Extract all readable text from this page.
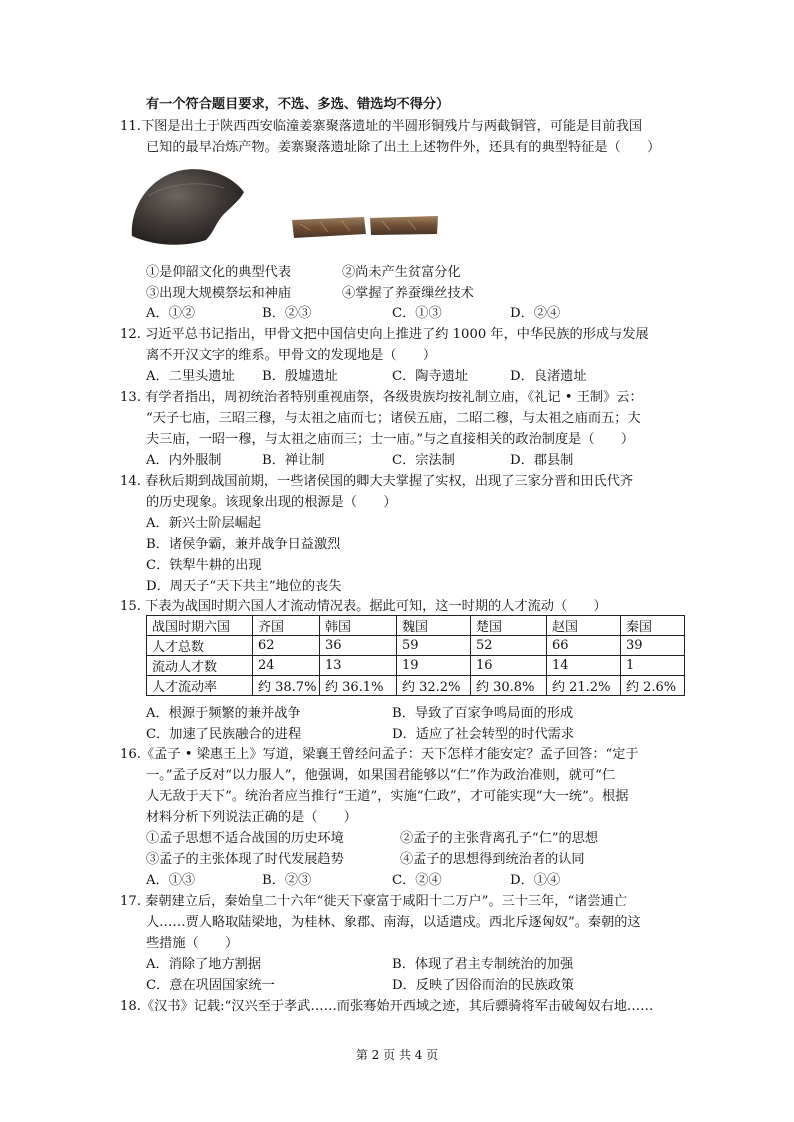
有一个符合题目要求，不选、多选、错选均不得分）
11.下图是出土于陕西西安临潼姜寨聚落遗址的半圆形铜残片与两截铜管，可能是目前我国
已知的最早冶炼产物。姜寨聚落遗址除了出土上述物件外，还具有的典型特征是（　　）
①是仰韶文化的典型代表	②尚未产生贫富分化
③出现大规模祭坛和神庙	④掌握了养蚕缫丝技术
A．①②	B．②③	C．①③	D．②④
12. 习近平总书记指出，甲骨文把中国信史向上推进了约 1000 年，中华民族的形成与发展
离不开汉文字的维系。甲骨文的发现地是（　　）
A．二里头遗址 B．殷墟遗址	C．陶寺遗址	D．良渚遗址
13. 有学者指出，周初统治者特别重视庙祭，各级贵族均按礼制立庙，《礼记 • 王制》云：
“天子七庙，三昭三穆，与太祖之庙而七；诸侯五庙，二昭二穆，与太祖之庙而五；大
夫三庙，一昭一穆，与太祖之庙而三；士一庙。”与之直接相关的政治制度是（　　）
A．内外服制	B．禅让制	C．宗法制	D．郡县制
14. 春秋后期到战国前期，一些诸侯国的卿大夫掌握了实权，出现了三家分晋和田氏代齐
的历史现象。该现象出现的根源是（　　）
A．新兴士阶层崛起
B．诸侯争霸，兼并战争日益激烈
C．铁犁牛耕的出现
D．周天子“天下共主”地位的丧失
15. 下表为战国时期六国人才流动情况表。据此可知，这一时期的人才流动（　　）
战国时期六国	齐国	韩国	魏国	楚国	赵国	秦国
人才总数	62	36	59	52	66	39
流动人才数	24	13	19	16	14	1
人才流动率	约 38.7%	约 36.1%	约 32.2%	约 30.8%	约 21.2%	约 2.6%
A．根源于频繁的兼并战争	B．导致了百家争鸣局面的形成
C．加速了民族融合的进程	D．适应了社会转型的时代需求
16.《孟子 • 梁惠王上》写道，梁襄王曾经问孟子：天下怎样才能安定？孟子回答：“定于
一。”孟子反对“以力服人”，他强调，如果国君能够以“仁”作为政治准则，就可“仁
人无敌于天下”。统治者应当推行“王道”，实施“仁政”，才可能实现“大一统”。根据
材料分析下列说法正确的是（　　）
①孟子思想不适合战国的历史环境	②孟子的主张背离孔子“仁”的思想
③孟子的主张体现了时代发展趋势	④孟子的思想得到统治者的认同
A．①③	B．②③	C．②④	D．①④
17. 秦朝建立后，秦始皇二十六年“徙天下豪富于咸阳十二万户”。三十三年，“诸尝逋亡
人……贾人略取陆梁地，为桂林、象郡、南海，以适遣戍。西北斥逐匈奴”。秦朝的这
些措施（　　）
A．消除了地方割据	B．体现了君主专制统治的加强
C．意在巩固国家统一	D．反映了因俗而治的民族政策
18.《汉书》记载:“汉兴至于孝武……而张骞始开西域之迹，其后骠骑将军击破匈奴右地……
第 2 页 共 4 页
